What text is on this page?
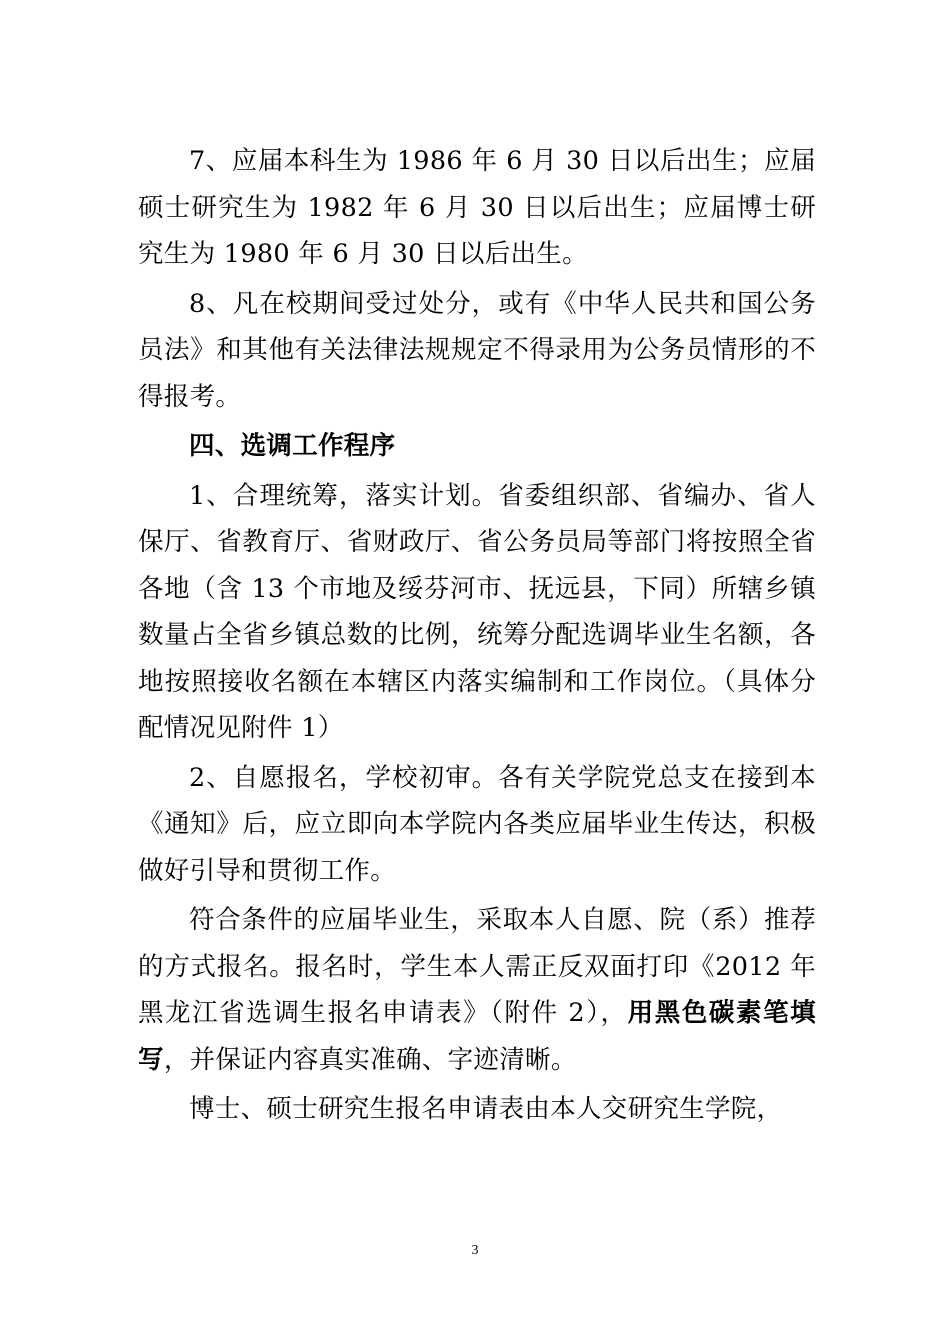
7、应届本科生为 1986 年 6 月 30 日以后出生；应届硕士研究生为 1982 年 6 月 30 日以后出生；应届博士研究生为 1980 年 6 月 30 日以后出生。

8、凡在校期间受过处分，或有《中华人民共和国公务员法》和其他有关法律法规规定不得录用为公务员情形的不得报考。

四、选调工作程序

1、合理统筹，落实计划。省委组织部、省编办、省人保厅、省教育厅、省财政厅、省公务员局等部门将按照全省各地（含 13 个市地及绥芬河市、抚远县，下同）所辖乡镇数量占全省乡镇总数的比例，统筹分配选调毕业生名额，各地按照接收名额在本辖区内落实编制和工作岗位。（具体分配情况见附件 1）

2、自愿报名，学校初审。各有关学院党总支在接到本《通知》后，应立即向本学院内各类应届毕业生传达，积极做好引导和贯彻工作。

符合条件的应届毕业生，采取本人自愿、院（系）推荐的方式报名。报名时，学生本人需正反双面打印《2012 年黑龙江省选调生报名申请表》（附件 2），用黑色碳素笔填写，并保证内容真实准确、字迹清晰。

博士、硕士研究生报名申请表由本人交研究生学院，

3
